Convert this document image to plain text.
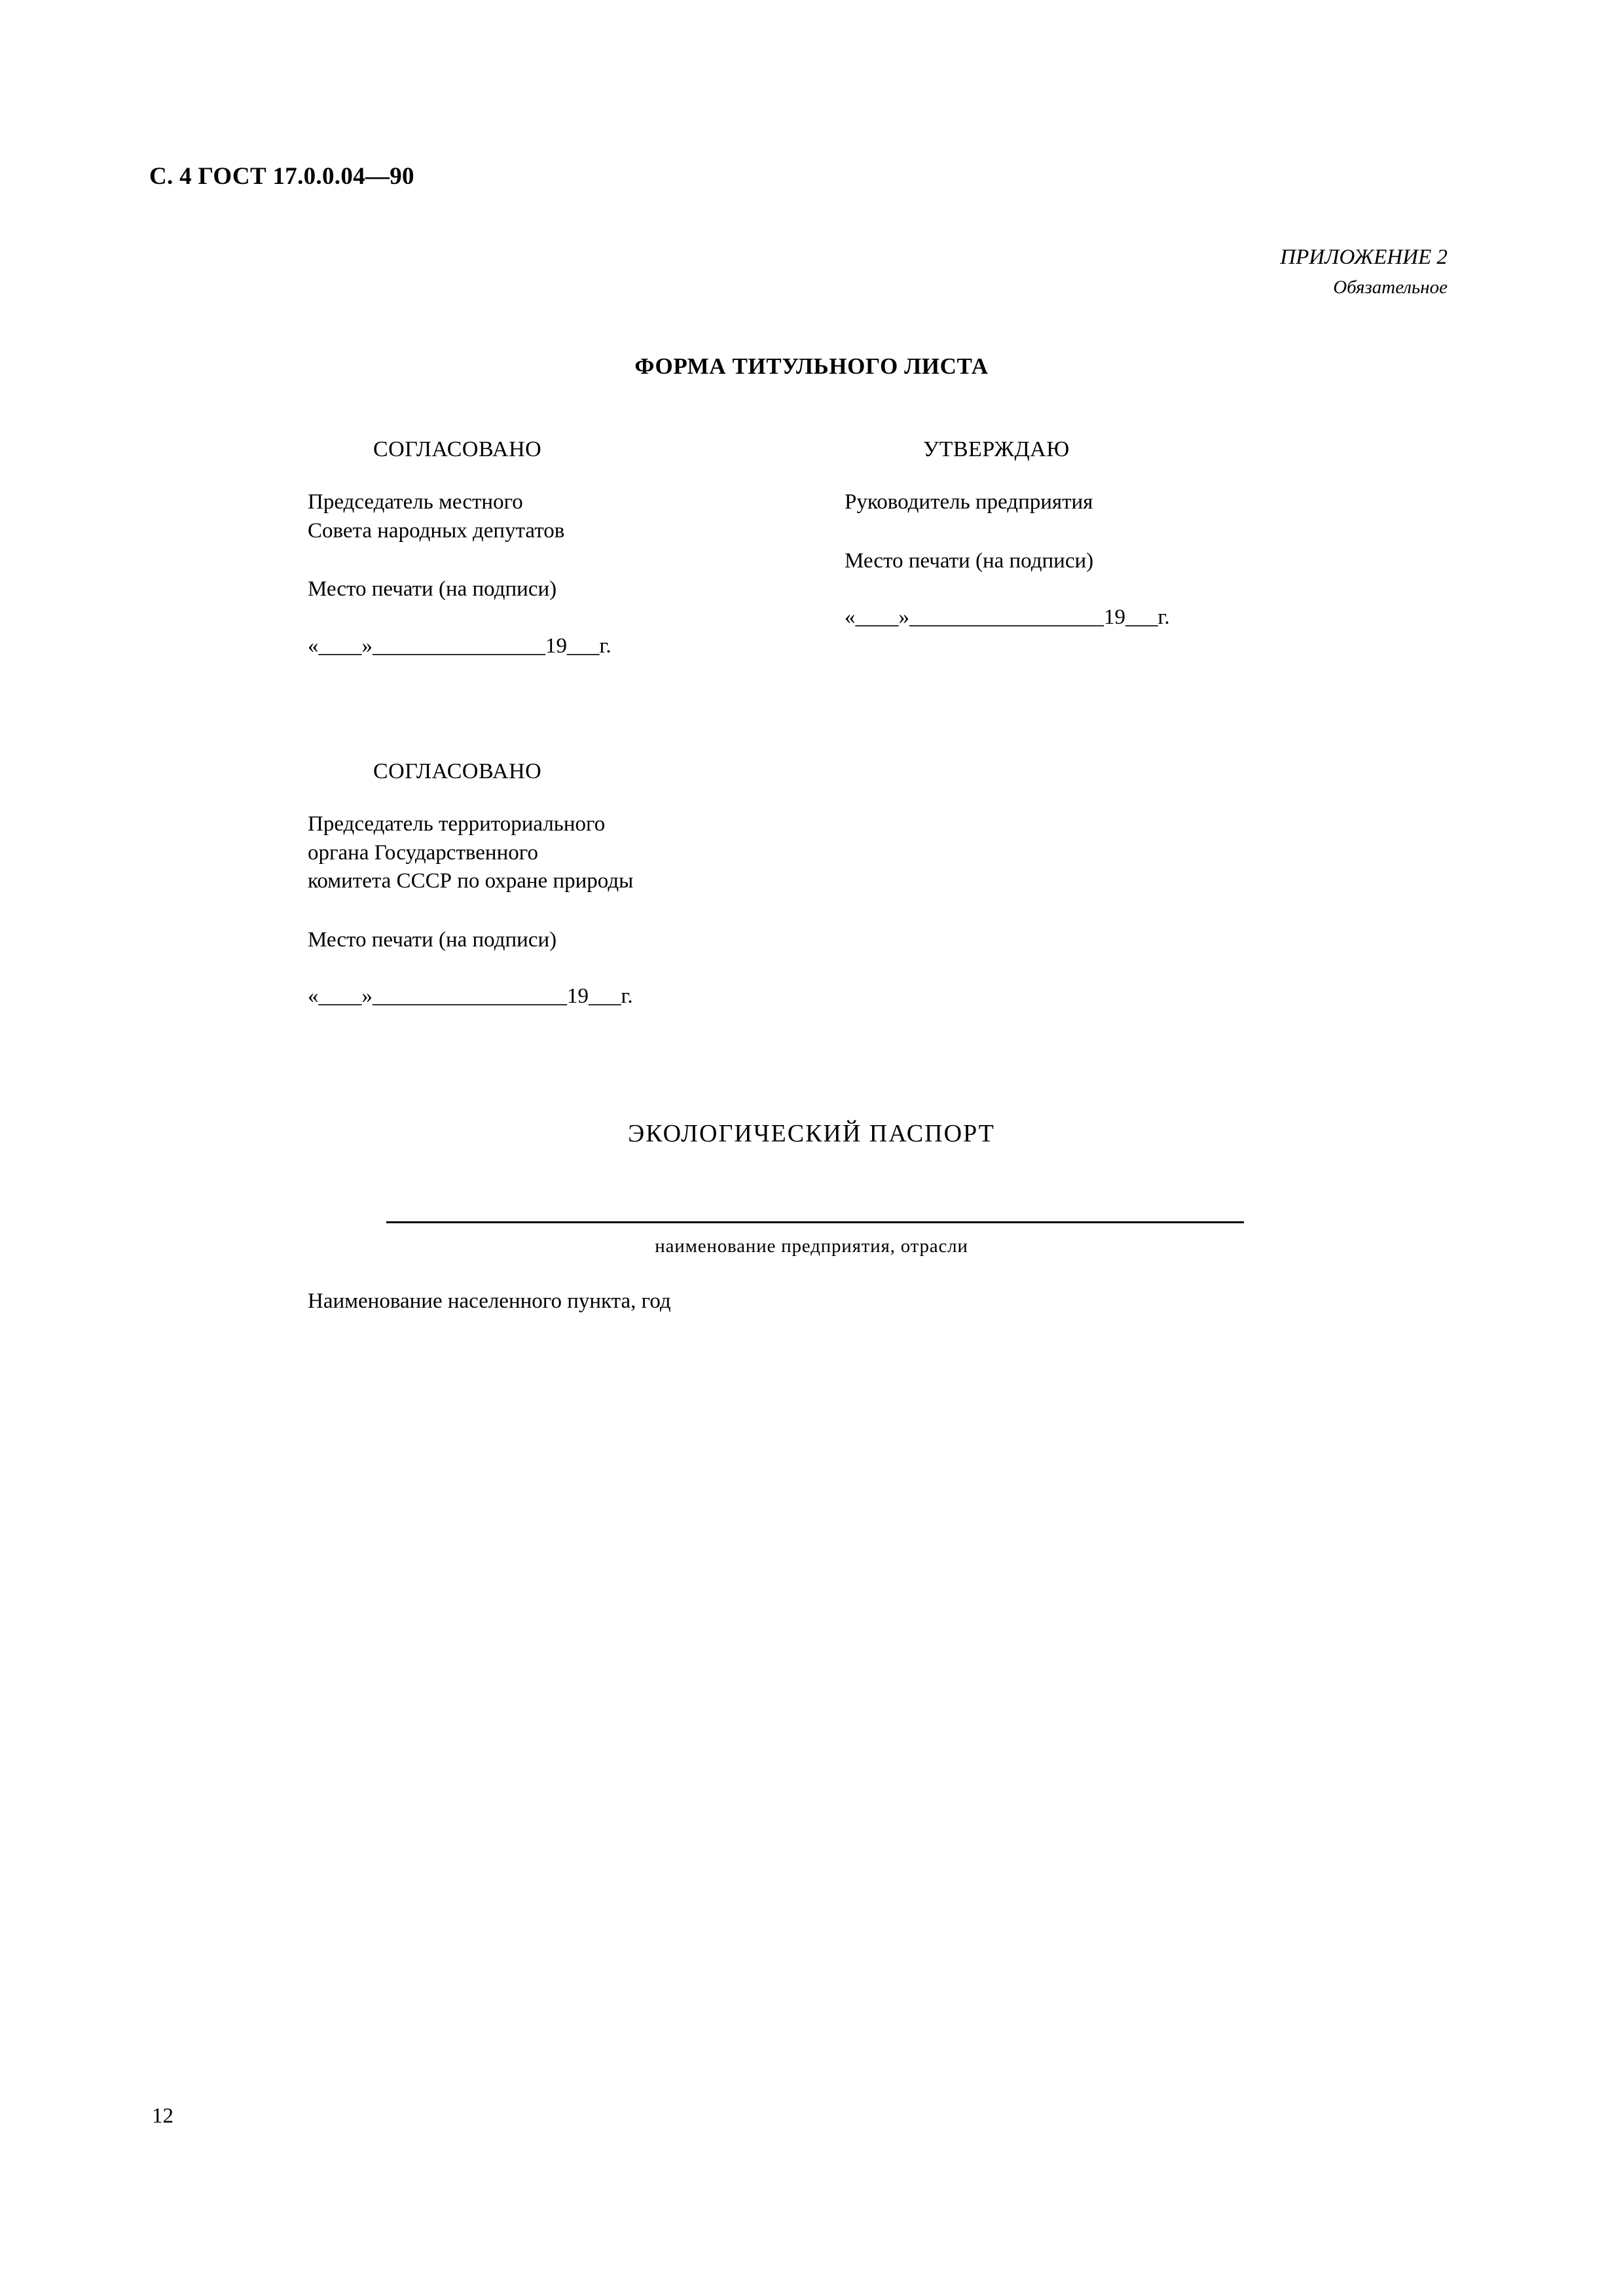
С. 4 ГОСТ 17.0.0.04—90
ПРИЛОЖЕНИЕ 2
Обязательное
ФОРМА ТИТУЛЬНОГО ЛИСТА
СОГЛАСОВАНО
Председатель местного
Совета народных депутатов
Место печати (на подписи)
«____»________________19___г.
УТВЕРЖДАЮ
Руководитель предприятия
Место печати (на подписи)
«____»__________________19___г.
СОГЛАСОВАНО
Председатель территориального
органа Государственного
комитета СССР по охране природы
Место печати (на подписи)
«____»__________________19___г.
ЭКОЛОГИЧЕСКИЙ ПАСПОРТ
наименование предприятия, отрасли
Наименование населенного пункта, год
12
